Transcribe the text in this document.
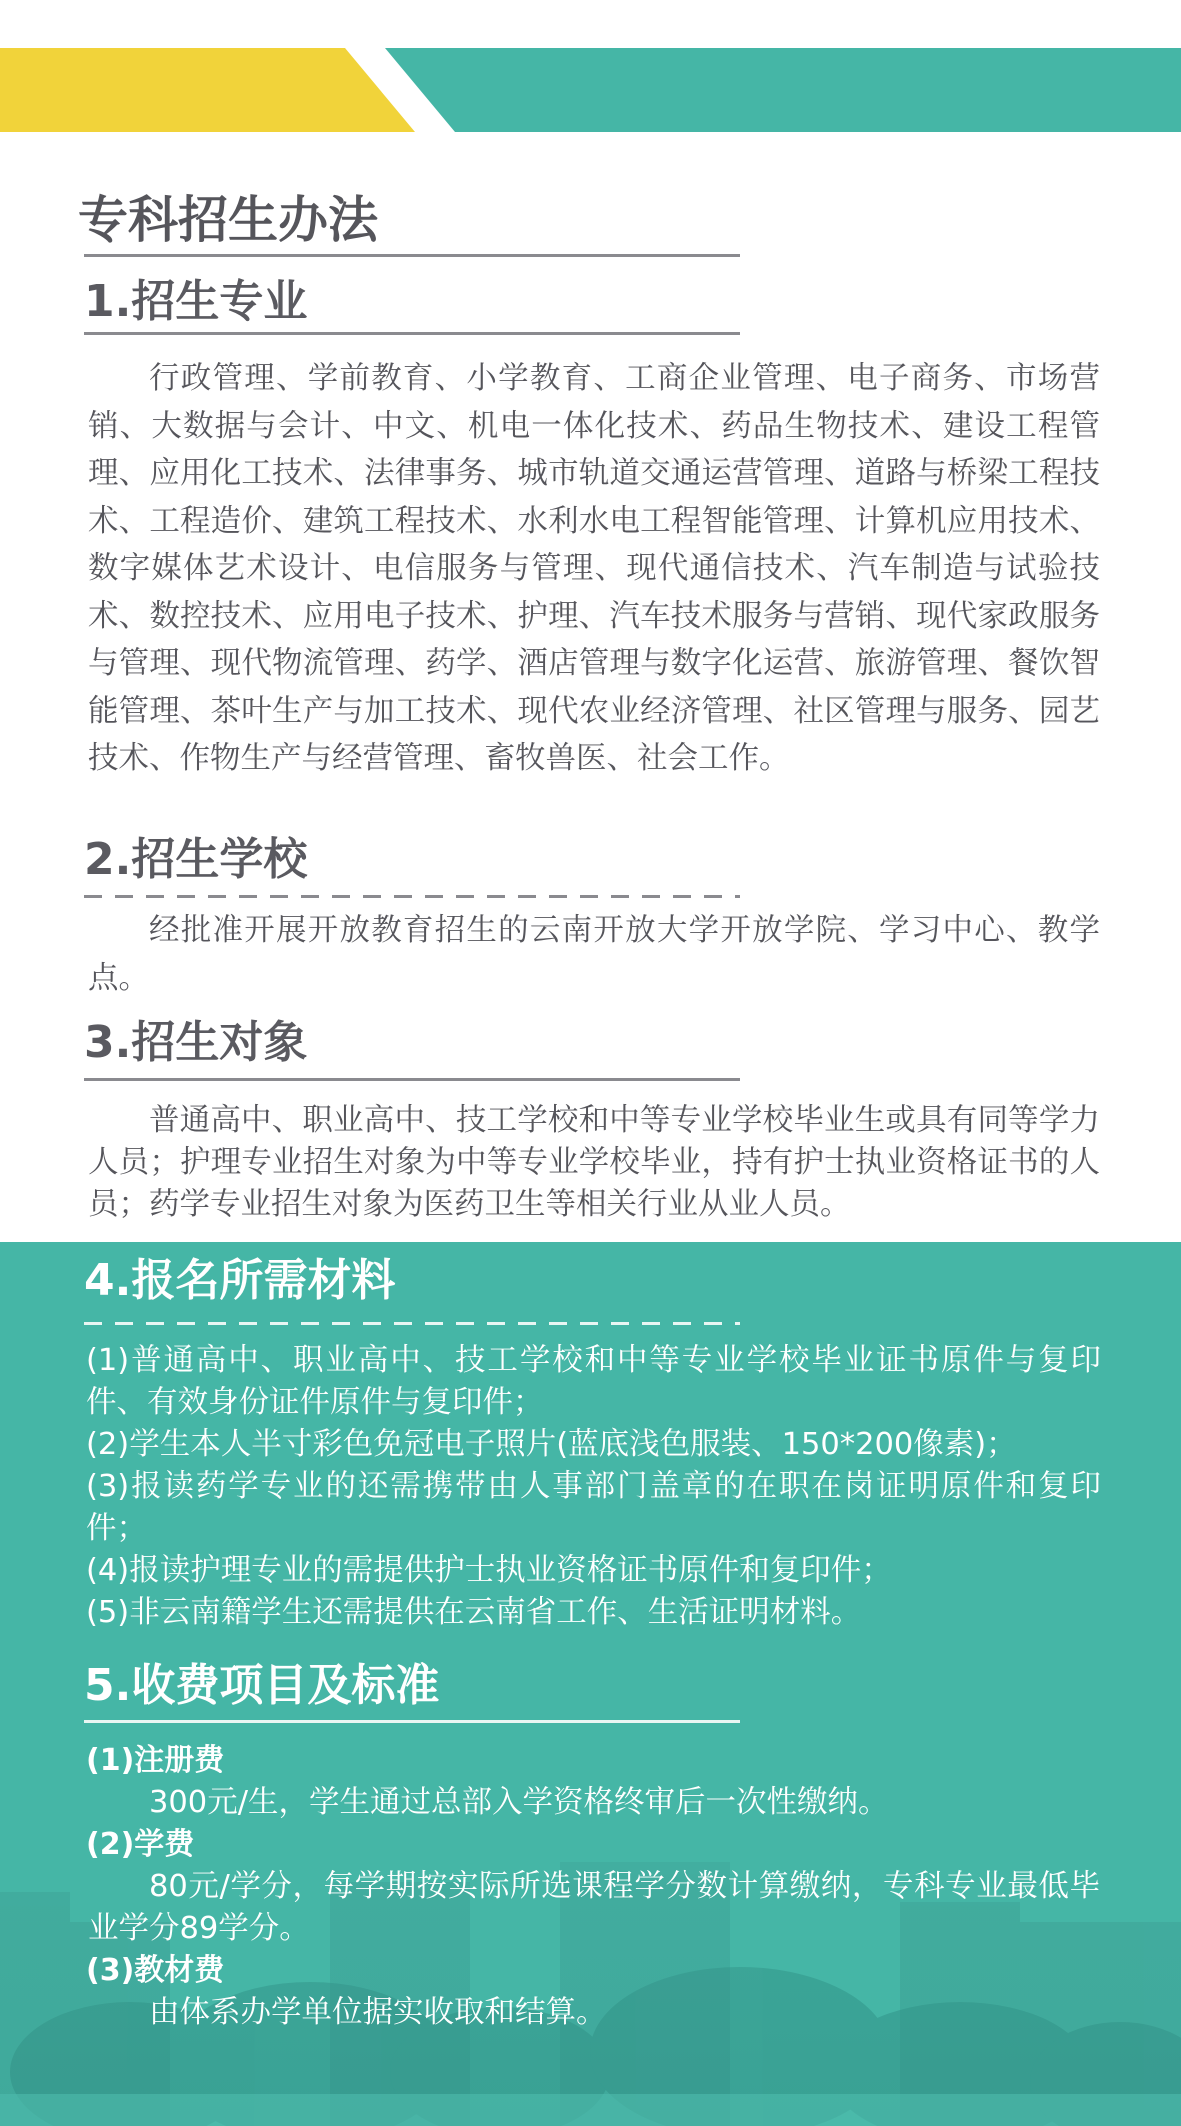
专科招生办法
1.招生专业

行政管理、学前教育、小学教育、工商企业管理、电子商务、市场营销、大数据与会计、中文、机电一体化技术、药品生物技术、建设工程管理、应用化工技术、法律事务、城市轨道交通运营管理、道路与桥梁工程技术、工程造价、建筑工程技术、水利水电工程智能管理、计算机应用技术、数字媒体艺术设计、电信服务与管理、现代通信技术、汽车制造与试验技术、数控技术、应用电子技术、护理、汽车技术服务与营销、现代家政服务与管理、现代物流管理、药学、酒店管理与数字化运营、旅游管理、餐饮智能管理、茶叶生产与加工技术、现代农业经济管理、社区管理与服务、园艺技术、作物生产与经营管理、畜牧兽医、社会工作。

2.招生学校

经批准开展开放教育招生的云南开放大学开放学院、学习中心、教学点。

3.招生对象

普通高中、职业高中、技工学校和中等专业学校毕业生或具有同等学力人员；护理专业招生对象为中等专业学校毕业，持有护士执业资格证书的人员；药学专业招生对象为医药卫生等相关行业从业人员。

4.报名所需材料

(1)普通高中、职业高中、技工学校和中等专业学校毕业证书原件与复印件、有效身份证件原件与复印件；

(2)学生本人半寸彩色免冠电子照片(蓝底浅色服装、150*200像素)；

(3)报读药学专业的还需携带由人事部门盖章的在职在岗证明原件和复印件；

(4)报读护理专业的需提供护士执业资格证书原件和复印件；

(5)非云南籍学生还需提供在云南省工作、生活证明材料。

5.收费项目及标准

(1)注册费

300元/生，学生通过总部入学资格终审后一次性缴纳。

(2)学费

80元/学分，每学期按实际所选课程学分数计算缴纳，专科专业最低毕业学分89学分。

(3)教材费

由体系办学单位据实收取和结算。
